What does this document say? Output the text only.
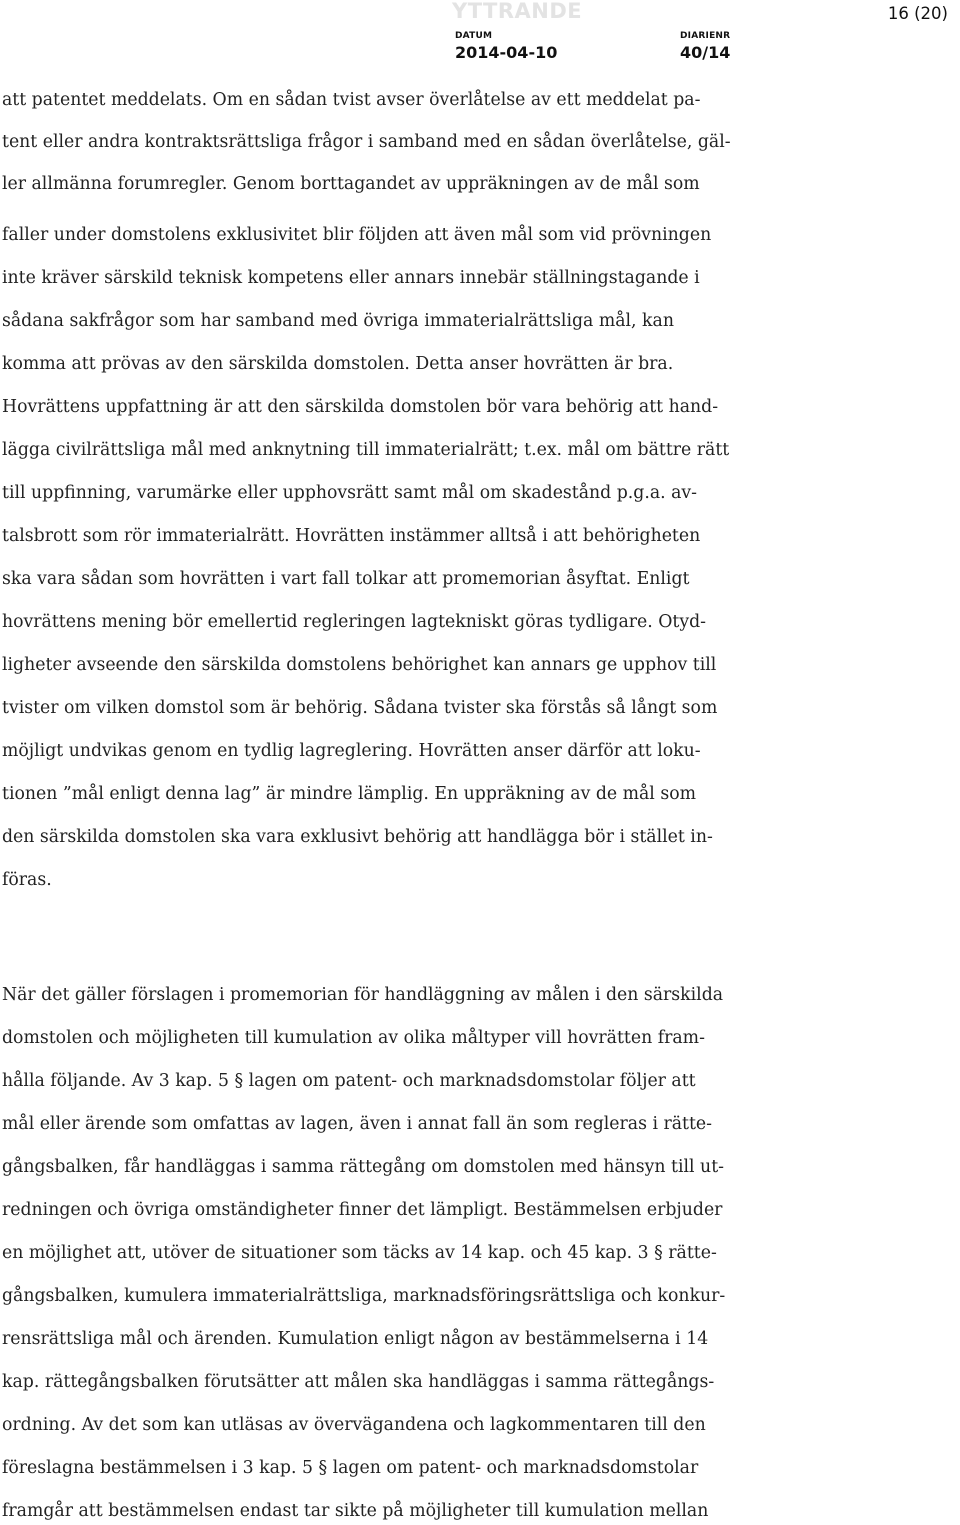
YTTRANDE	16 (20)
DATUM
2014-04-10
DIARIENR
40/14
att patentet meddelats. Om en sådan tvist avser överlåtelse av ett meddelat pa-
tent eller andra kontraktsrättsliga frågor i samband med en sådan överlåtelse, gäl-
ler allmänna forumregler. Genom borttagandet av uppräkningen av de mål som
faller under domstolens exklusivitet blir följden att även mål som vid prövningen
inte kräver särskild teknisk kompetens eller annars innebär ställningstagande i
sådana sakfrågor som har samband med övriga immaterialrättsliga mål, kan
komma att prövas av den särskilda domstolen. Detta anser hovrätten är bra.
Hovrättens uppfattning är att den särskilda domstolen bör vara behörig att hand-
lägga civilrättsliga mål med anknytning till immaterialrätt; t.ex. mål om bättre rätt
till uppfinning, varumärke eller upphovsrätt samt mål om skadestånd p.g.a. av-
talsbrott som rör immaterialrätt. Hovrätten instämmer alltså i att behörigheten
ska vara sådan som hovrätten i vart fall tolkar att promemorian åsyftat. Enligt
hovrättens mening bör emellertid regleringen lagtekniskt göras tydligare. Otyd-
ligheter avseende den särskilda domstolens behörighet kan annars ge upphov till
tvister om vilken domstol som är behörig. Sådana tvister ska förstås så långt som
möjligt undvikas genom en tydlig lagreglering. Hovrätten anser därför att loku-
tionen ”mål enligt denna lag” är mindre lämplig. En uppräkning av de mål som
den särskilda domstolen ska vara exklusivt behörig att handlägga bör i stället in-
föras.
När det gäller förslagen i promemorian för handläggning av målen i den särskilda
domstolen och möjligheten till kumulation av olika måltyper vill hovrätten fram-
hålla följande. Av 3 kap. 5 § lagen om patent- och marknadsdomstolar följer att
mål eller ärende som omfattas av lagen, även i annat fall än som regleras i rätte-
gångsbalken, får handläggas i samma rättegång om domstolen med hänsyn till ut-
redningen och övriga omständigheter finner det lämpligt. Bestämmelsen erbjuder
en möjlighet att, utöver de situationer som täcks av 14 kap. och 45 kap. 3 § rätte-
gångsbalken, kumulera immaterialrättsliga, marknadsföringsrättsliga och konkur-
rensrättsliga mål och ärenden. Kumulation enligt någon av bestämmelserna i 14
kap. rättegångsbalken förutsätter att målen ska handläggas i samma rättegångs-
ordning. Av det som kan utläsas av övervägandena och lagkommentaren till den
föreslagna bestämmelsen i 3 kap. 5 § lagen om patent- och marknadsdomstolar
framgår att bestämmelsen endast tar sikte på möjligheter till kumulation mellan
